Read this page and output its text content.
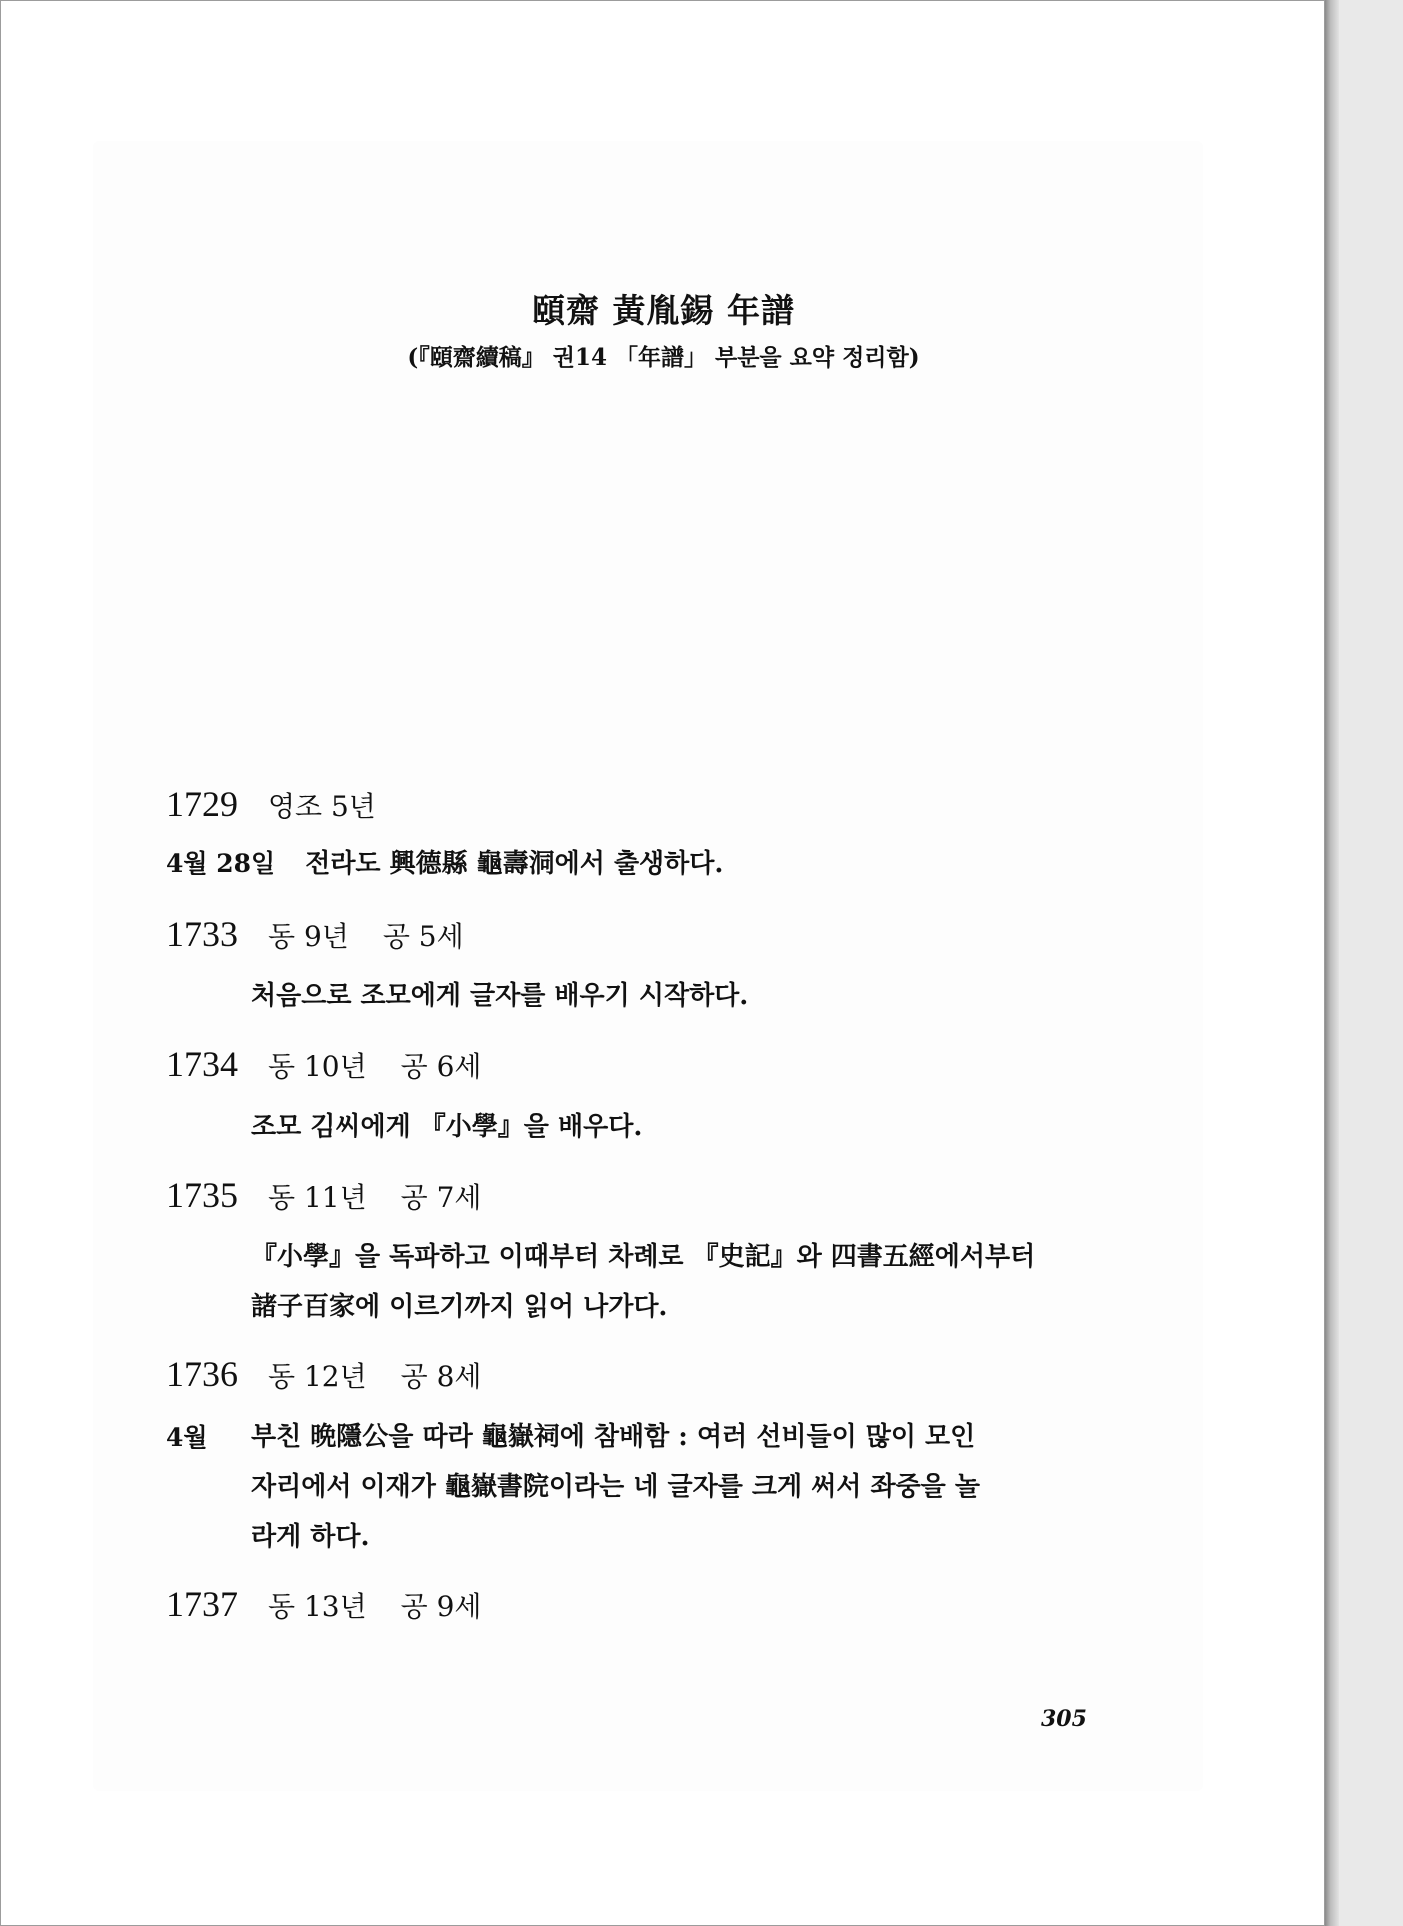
頤齋 黃胤錫 年譜
(『頤齋續稿』 권14 「年譜」 부분을 요약 정리함)
1729 영조 5년
4월 28일 전라도 興德縣 龜壽洞에서 출생하다.
1733 동 9년 공 5세
처음으로 조모에게 글자를 배우기 시작하다.
1734 동 10년 공 6세
조모 김씨에게 『小學』을 배우다.
1735 동 11년 공 7세
『小學』을 독파하고 이때부터 차례로 『史記』와 四書五經에서부터
諸子百家에 이르기까지 읽어 나가다.
1736 동 12년 공 8세
4월 부친 晩隱公을 따라 龜嶽祠에 참배함 : 여러 선비들이 많이 모인
자리에서 이재가 龜嶽書院이라는 네 글자를 크게 써서 좌중을 놀
라게 하다.
1737 동 13년 공 9세
305
